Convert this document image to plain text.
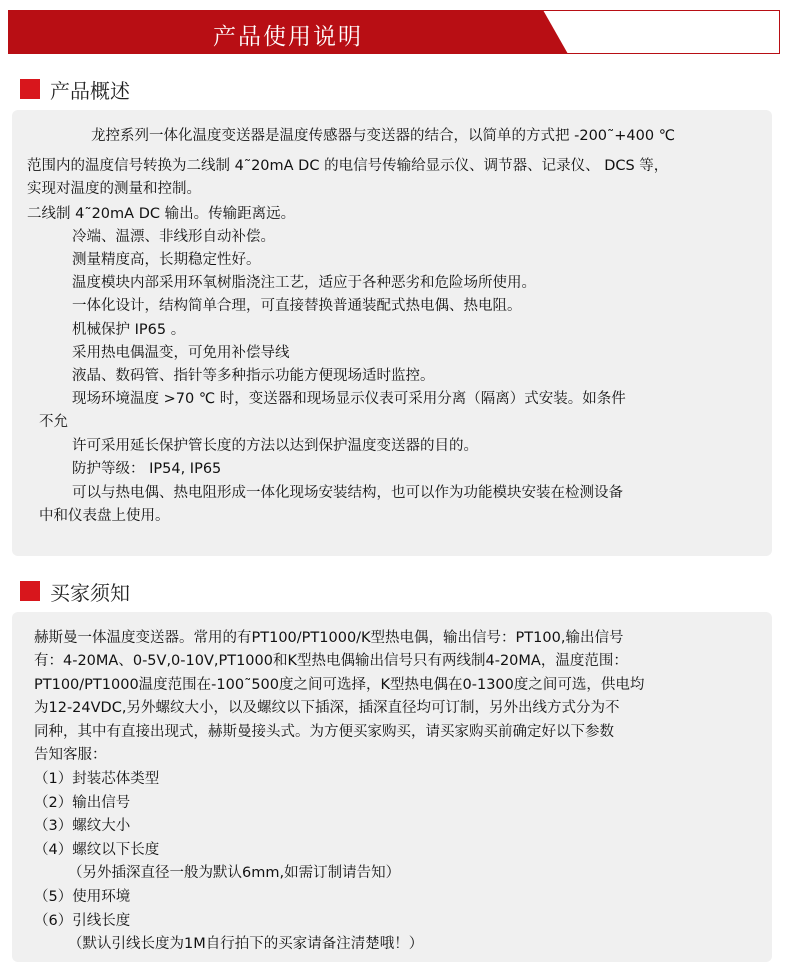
产品使用说明
产品概述
龙控系列一体化温度变送器是温度传感器与变送器的结合，以简单的方式把 -200˜+400 ℃
范围内的温度信号转换为二线制 4˜20mA DC 的电信号传输给显示仪、调节器、记录仪、 DCS 等，
实现对温度的测量和控制。
二线制 4˜20mA DC 输出。传输距离远。
冷端、温漂、非线形自动补偿。
测量精度高，长期稳定性好。
温度模块内部采用环氧树脂浇注工艺，适应于各种恶劣和危险场所使用。
一体化设计，结构简单合理，可直接替换普通装配式热电偶、热电阻。
机械保护 IP65 。
采用热电偶温变，可免用补偿导线
液晶、数码管、指针等多种指示功能方便现场适时监控。
现场环境温度 >70 ℃ 时，变送器和现场显示仪表可采用分离（隔离）式安装。如条件
不允
许可采用延长保护管长度的方法以达到保护温度变送器的目的。
防护等级： IP54, IP65
可以与热电偶、热电阻形成一体化现场安装结构，也可以作为功能模块安装在检测设备
中和仪表盘上使用。
买家须知
赫斯曼一体温度变送器。常用的有PT100/PT1000/K型热电偶，输出信号：PT100,输出信号
有：4-20MA、0-5V,0-10V,PT1000和K型热电偶输出信号只有两线制4-20MA，温度范围：
PT100/PT1000温度范围在-100˜500度之间可选择，K型热电偶在0-1300度之间可选，供电均
为12-24VDC,另外螺纹大小，以及螺纹以下插深，插深直径均可订制，另外出线方式分为不
同种，其中有直接出现式，赫斯曼接头式。为方便买家购买，请买家购买前确定好以下参数
告知客服：
（1）封装芯体类型
（2）输出信号
（3）螺纹大小
（4）螺纹以下长度
（另外插深直径一般为默认6mm,如需订制请告知）
（5）使用环境
（6）引线长度
（默认引线长度为1M自行拍下的买家请备注清楚哦！）
